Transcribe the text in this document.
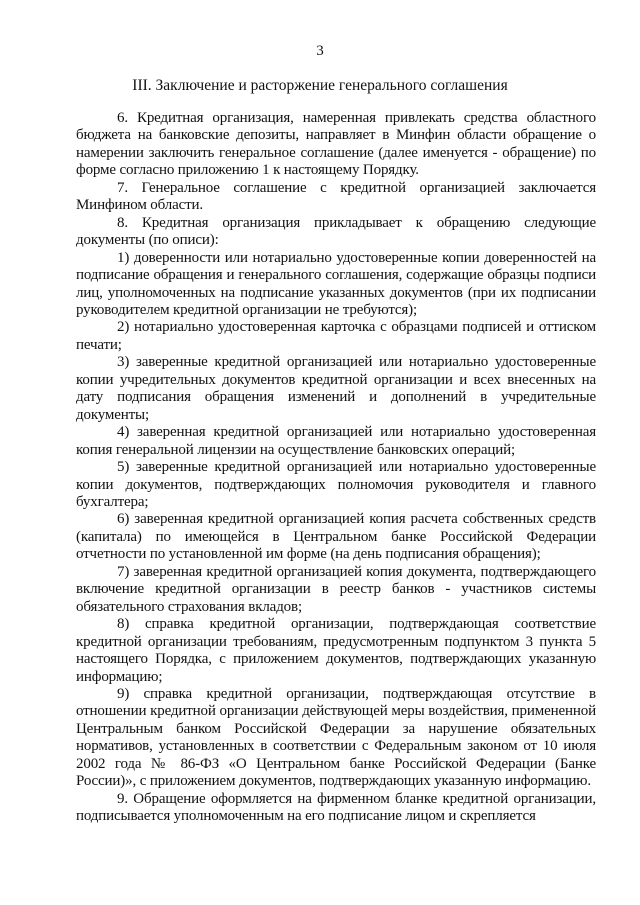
3
III. Заключение и расторжение генерального соглашения

6. Кредитная организация, намеренная привлекать средства областного бюджета на банковские депозиты, направляет в Минфин области обращение о намерении заключить генеральное соглашение (далее именуется - обращение) по форме согласно приложению 1 к настоящему Порядку.

7. Генеральное соглашение с кредитной организацией заключается Минфином области.

8. Кредитная организация прикладывает к обращению следующие документы (по описи):

1) доверенности или нотариально удостоверенные копии доверенностей на подписание обращения и генерального соглашения, содержащие образцы подписи лиц, уполномоченных на подписание указанных документов (при их подписании руководителем кредитной организации не требуются);

2) нотариально удостоверенная карточка с образцами подписей и оттиском печати;

3) заверенные кредитной организацией или нотариально удостоверенные копии учредительных документов кредитной организации и всех внесенных на дату подписания обращения изменений и дополнений в учредительные документы;

4) заверенная кредитной организацией или нотариально удостоверенная копия генеральной лицензии на осуществление банковских операций;

5) заверенные кредитной организацией или нотариально удостоверенные копии документов, подтверждающих полномочия руководителя и главного бухгалтера;

6) заверенная кредитной организацией копия расчета собственных средств (капитала) по имеющейся в Центральном банке Российской Федерации отчетности по установленной им форме (на день подписания обращения);

7) заверенная кредитной организацией копия документа, подтверждающего включение кредитной организации в реестр банков - участников системы обязательного страхования вкладов;

8) справка кредитной организации, подтверждающая соответствие кредитной организации требованиям, предусмотренным подпунктом 3 пункта 5 настоящего Порядка, с приложением документов, подтверждающих указанную информацию;

9) справка кредитной организации, подтверждающая отсутствие в отношении кредитной организации действующей меры воздействия, примененной Центральным банком Российской Федерации за нарушение обязательных нормативов, установленных в соответствии с Федеральным законом от 10 июля 2002 года № 86-ФЗ «О Центральном банке Российской Федерации (Банке России)», с приложением документов, подтверждающих указанную информацию.

9. Обращение оформляется на фирменном бланке кредитной организации, подписывается уполномоченным на его подписание лицом и скрепляется
